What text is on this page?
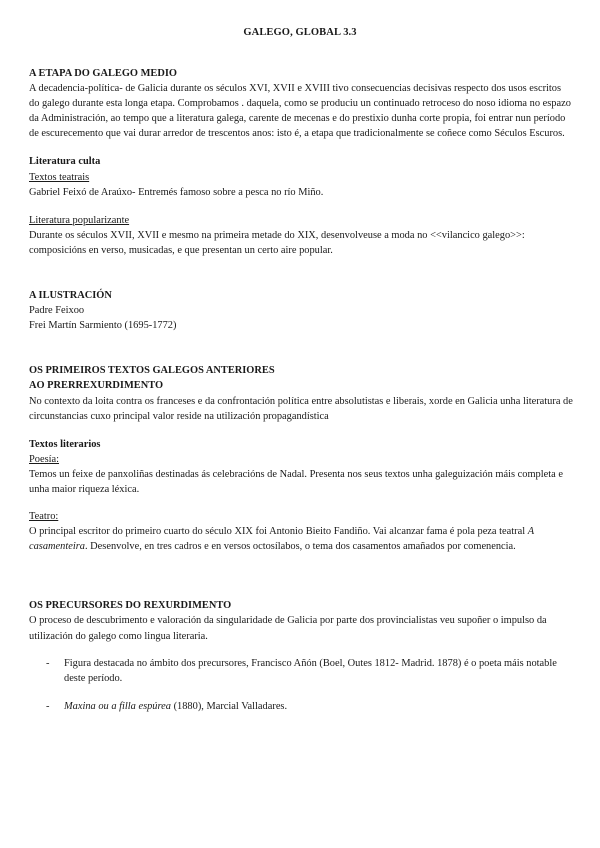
GALEGO, GLOBAL 3.3

A ETAPA DO GALEGO MEDIO

A decadencia-política- de Galicia durante os séculos XVI, XVII e XVIII tivo consecuencias decisivas respecto dos usos escritos do galego durante esta longa etapa. Comprobamos . daquela, como se produciu un continuado retroceso do noso idioma no espazo da Administración, ao tempo que a literatura galega, carente de mecenas e do prestixio dunha corte propia, foi entrar nun período de escurecemento que vai durar arredor de trescentos anos: isto é, a etapa que tradicionalmente se coñece como Séculos Escuros.

Literatura culta

Textos teatrais

Gabriel Feixó de Araúxo- Entremés famoso sobre a pesca no río Miño.

Literatura popularizante

Durante os séculos XVII, XVII e mesmo na primeira metade do XIX, desenvolveuse a moda no <<vilancico galego>>: composicións en verso, musicadas, e que presentan un certo aire popular.

A ILUSTRACIÓN

Padre Feixoo

Frei Martín Sarmiento (1695-1772)

OS PRIMEIROS TEXTOS GALEGOS ANTERIORES

AO PRERREXURDIMENTO

No contexto da loita contra os franceses e da confrontación política entre absolutistas e liberais, xorde en Galicia unha literatura de circunstancias cuxo principal valor reside na utilización propagandística

Textos literarios

Poesía:

Temos un feixe de panxoliñas destinadas ás celebracións de Nadal. Presenta nos seus textos unha galeguización máis completa e unha maior riqueza léxica.

Teatro:

O principal escritor do primeiro cuarto do século XIX foi Antonio Bieito Fandiño. Vai alcanzar fama é pola peza teatral A casamenteira. Desenvolve, en tres cadros e en versos octosílabos, o tema dos casamentos amañados por comenencia.

OS PRECURSORES DO REXURDIMENTO

O proceso de descubrimento e valoración da singularidade de Galicia por parte dos provincialistas veu supoñer o impulso da utilización do galego como lingua literaria.

- Figura destacada no ámbito dos precursores, Francisco Añón (Boel, Outes 1812- Madrid. 1878) é o poeta máis notable deste período.
- Maxina ou a filla espúrea (1880), Marcial Valladares.
